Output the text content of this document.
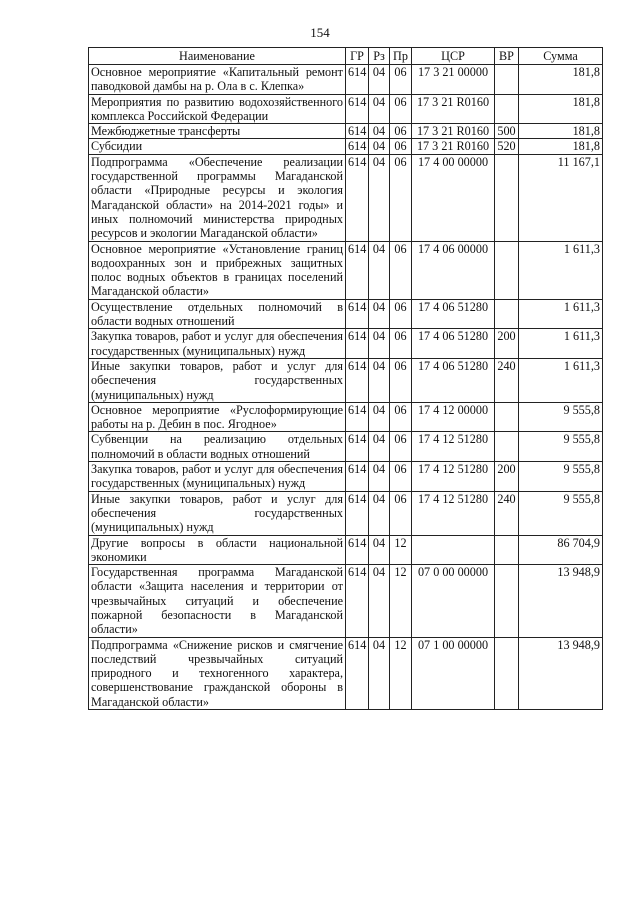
154
Наименование	ГР	Рз	Пр	ЦСР	ВР	Сумма
Основное мероприятие «Капитальный ремонт паводковой дамбы на р. Ола в с. Клепка»	614	04	06	17 3 21 00000		181,8
Мероприятия по развитию водохозяйственного комплекса Российской Федерации	614	04	06	17 3 21 R0160		181,8
Межбюджетные трансферты	614	04	06	17 3 21 R0160	500	181,8
Субсидии	614	04	06	17 3 21 R0160	520	181,8
Подпрограмма «Обеспечение реализации государственной программы Магаданской области «Природные ресурсы и экология Магаданской области» на 2014-2021 годы» и иных полномочий министерства природных ресурсов и экологии Магаданской области»	614	04	06	17 4 00 00000		11 167,1
Основное мероприятие «Установление границ водоохранных зон и прибрежных защитных полос водных объектов в границах поселений Магаданской области»	614	04	06	17 4 06 00000		1 611,3
Осуществление отдельных полномочий в области водных отношений	614	04	06	17 4 06 51280		1 611,3
Закупка товаров, работ и услуг для обеспечения государственных (муниципальных) нужд	614	04	06	17 4 06 51280	200	1 611,3
Иные закупки товаров, работ и услуг для обеспечения государственных (муниципальных) нужд	614	04	06	17 4 06 51280	240	1 611,3
Основное мероприятие «Руслоформирующие работы на р. Дебин в пос. Ягодное»	614	04	06	17 4 12 00000		9 555,8
Субвенции на реализацию отдельных полномочий в области водных отношений	614	04	06	17 4 12 51280		9 555,8
Закупка товаров, работ и услуг для обеспечения государственных (муниципальных) нужд	614	04	06	17 4 12 51280	200	9 555,8
Иные закупки товаров, работ и услуг для обеспечения государственных (муниципальных) нужд	614	04	06	17 4 12 51280	240	9 555,8
Другие вопросы в области национальной экономики	614	04	12			86 704,9
Государственная программа Магаданской области «Защита населения и территории от чрезвычайных ситуаций и обеспечение пожарной безопасности в Магаданской области»	614	04	12	07 0 00 00000		13 948,9
Подпрограмма «Снижение рисков и смягчение последствий чрезвычайных ситуаций природного и техногенного характера, совершенствование гражданской обороны в Магаданской области»	614	04	12	07 1 00 00000		13 948,9
